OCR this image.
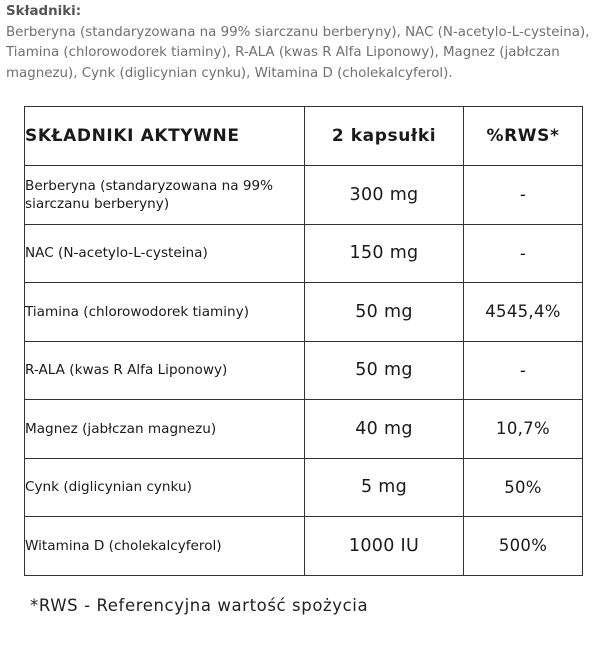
Składniki:
Berberyna (standaryzowana na 99% siarczanu berberyny), NAC (N-acetylo-L-cysteina), Tiamina (chlorowodorek tiaminy), R-ALA (kwas R Alfa Liponowy), Magnez (jabłczan magnezu), Cynk (diglicynian cynku), Witamina D (cholekalcyferol).
SKŁADNIKI AKTYWNE	2 kapsułki	%RWS*
Berberyna (standaryzowana na 99% siarczanu berberyny)	300 mg	-
NAC (N-acetylo-L-cysteina)	150 mg	-
Tiamina (chlorowodorek tiaminy)	50 mg	4545,4%
R-ALA (kwas R Alfa Liponowy)	50 mg	-
Magnez (jabłczan magnezu)	40 mg	10,7%
Cynk (diglicynian cynku)	5 mg	50%
Witamina D (cholekalcyferol)	1000 IU	500%
*RWS - Referencyjna wartość spożycia
